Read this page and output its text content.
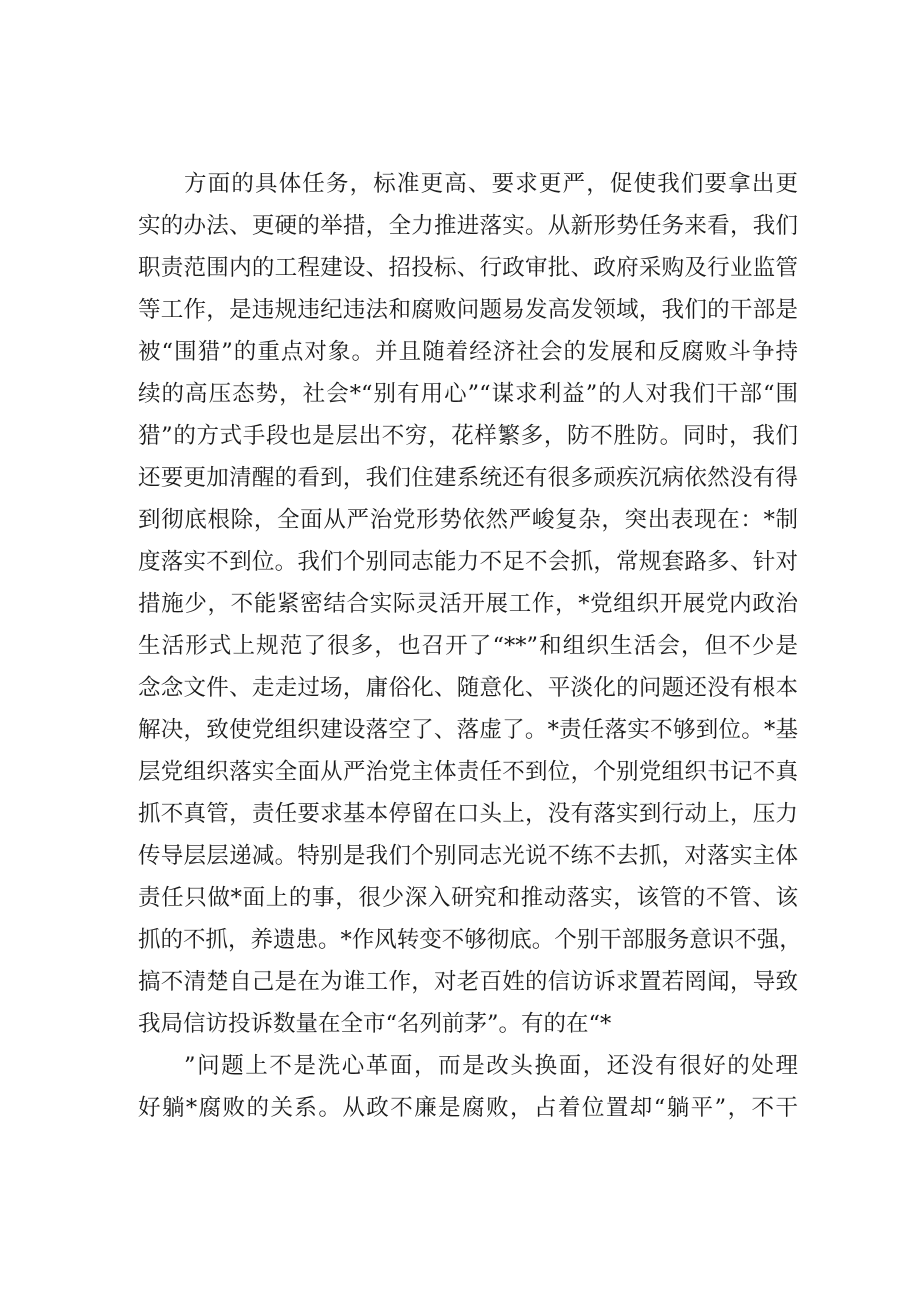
方面的具体任务，标准更高、要求更严，促使我们要拿出更
实的办法、更硬的举措，全力推进落实。从新形势任务来看，我们
职责范围内的工程建设、招投标、行政审批、政府采购及行业监管
等工作，是违规违纪违法和腐败问题易发高发领域，我们的干部是
被“围猎”的重点对象。并且随着经济社会的发展和反腐败斗争持
续的高压态势，社会*“别有用心”“谋求利益”的人对我们干部“围
猎”的方式手段也是层出不穷，花样繁多，防不胜防。同时，我们
还要更加清醒的看到，我们住建系统还有很多顽疾沉病依然没有得
到彻底根除，全面从严治党形势依然严峻复杂，突出表现在：*制
度落实不到位。我们个别同志能力不足不会抓，常规套路多、针对
措施少，不能紧密结合实际灵活开展工作，*党组织开展党内政治
生活形式上规范了很多，也召开了“**”和组织生活会，但不少是
念念文件、走走过场，庸俗化、随意化、平淡化的问题还没有根本
解决，致使党组织建设落空了、落虚了。*责任落实不够到位。*基
层党组织落实全面从严治党主体责任不到位，个别党组织书记不真
抓不真管，责任要求基本停留在口头上，没有落实到行动上，压力
传导层层递减。特别是我们个别同志光说不练不去抓，对落实主体
责任只做*面上的事，很少深入研究和推动落实，该管的不管、该
抓的不抓，养遗患。*作风转变不够彻底。个别干部服务意识不强，
搞不清楚自己是在为谁工作，对老百姓的信访诉求置若罔闻，导致
我局信访投诉数量在全市“名列前茅”。有的在“*
”问题上不是洗心革面，而是改头换面，还没有很好的处理
好躺*腐败的关系。从政不廉是腐败，占着位置却“躺平”，不干
